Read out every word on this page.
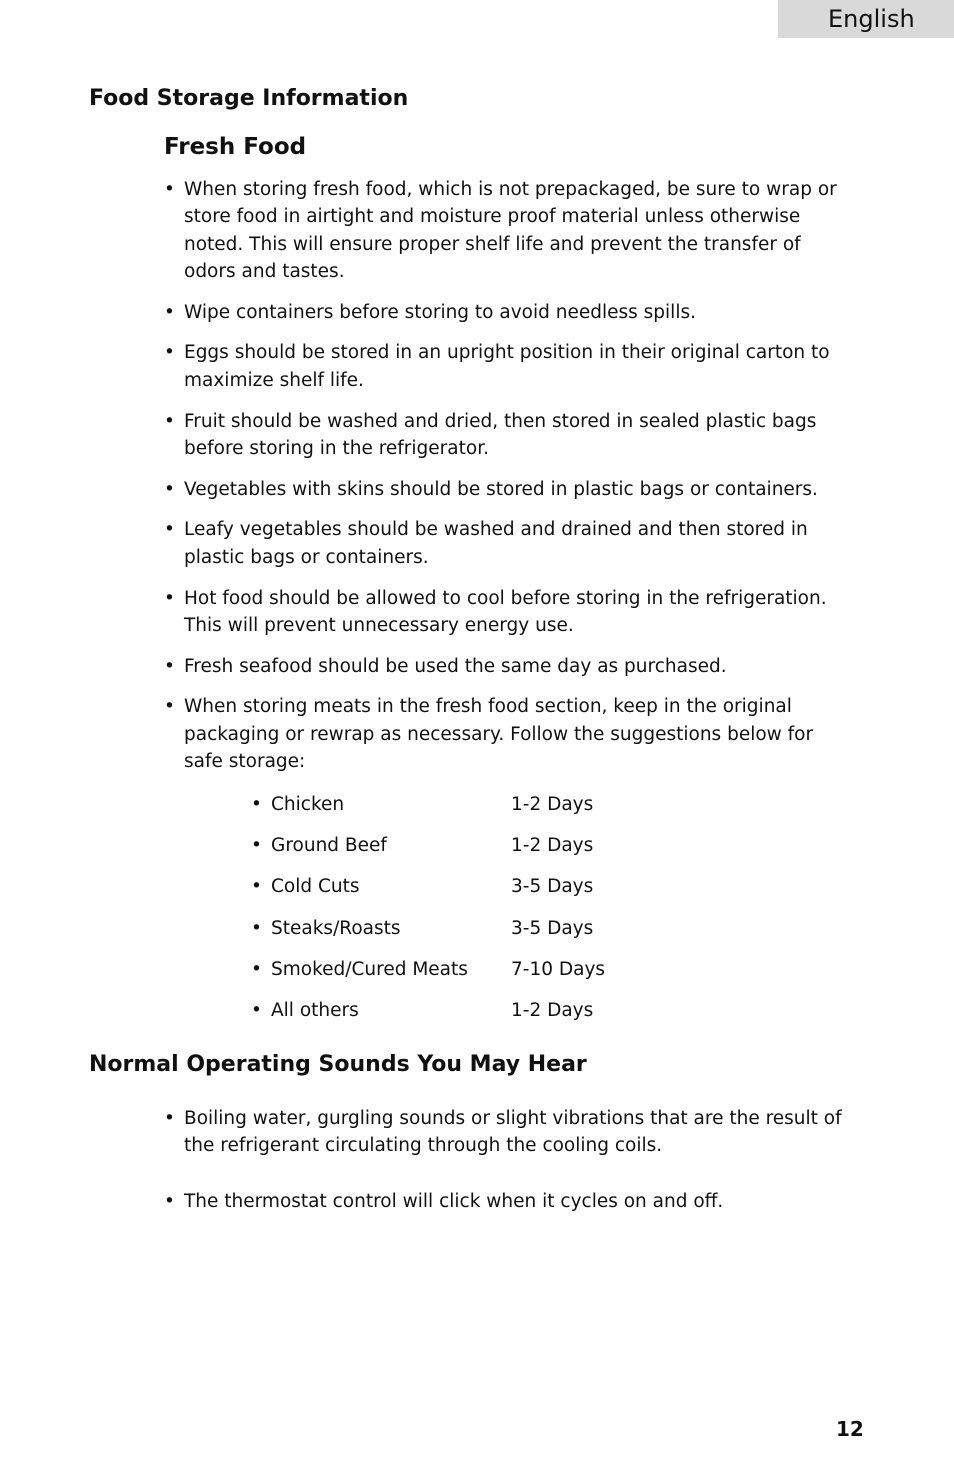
English
Food Storage Information
Fresh Food
• When storing fresh food, which is not prepackaged, be sure to wrap or store food in airtight and moisture proof material unless otherwise noted. This will ensure proper shelf life and prevent the transfer of odors and tastes.
• Wipe containers before storing to avoid needless spills.
• Eggs should be stored in an upright position in their original carton to maximize shelf life.
• Fruit should be washed and dried, then stored in sealed plastic bags before storing in the refrigerator.
• Vegetables with skins should be stored in plastic bags or containers.
• Leafy vegetables should be washed and drained and then stored in plastic bags or containers.
• Hot food should be allowed to cool before storing in the refrigeration. This will prevent unnecessary energy use.
• Fresh seafood should be used the same day as purchased.
• When storing meats in the fresh food section, keep in the original packaging or rewrap as necessary. Follow the suggestions below for safe storage:
• Chicken	1-2 Days
• Ground Beef	1-2 Days
• Cold Cuts	3-5 Days
• Steaks/Roasts	3-5 Days
• Smoked/Cured Meats 7-10 Days
• All others	1-2 Days
Normal Operating Sounds You May Hear
• Boiling water, gurgling sounds or slight vibrations that are the result of the refrigerant circulating through the cooling coils.
• The thermostat control will click when it cycles on and off.
12
